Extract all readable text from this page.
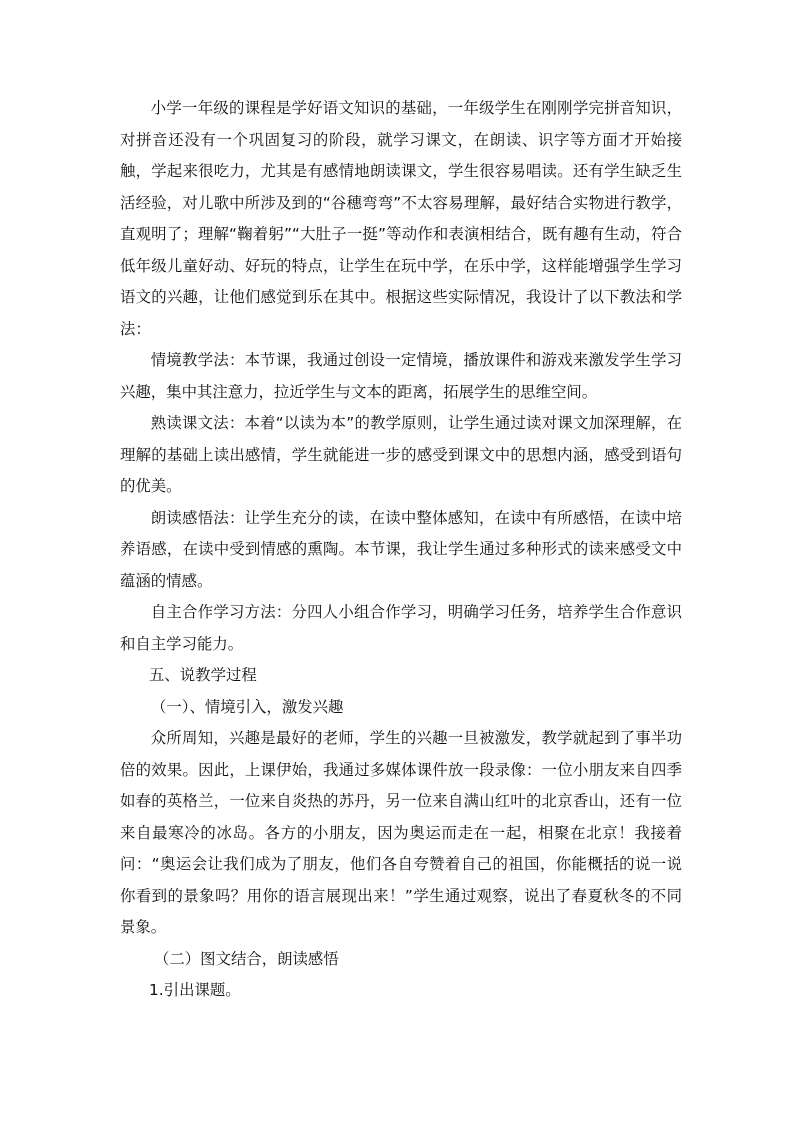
小学一年级的课程是学好语文知识的基础，一年级学生在刚刚学完拼音知识，对拼音还没有一个巩固复习的阶段，就学习课文，在朗读、识字等方面才开始接触，学起来很吃力，尤其是有感情地朗读课文，学生很容易唱读。还有学生缺乏生活经验，对儿歌中所涉及到的“谷穗弯弯”不太容易理解，最好结合实物进行教学，直观明了；理解“鞠着躬”“大肚子一挺”等动作和表演相结合，既有趣有生动，符合低年级儿童好动、好玩的特点，让学生在玩中学，在乐中学，这样能增强学生学习语文的兴趣，让他们感觉到乐在其中。根据这些实际情况，我设计了以下教法和学法：

情境教学法：本节课，我通过创设一定情境，播放课件和游戏来激发学生学习兴趣，集中其注意力，拉近学生与文本的距离，拓展学生的思维空间。

熟读课文法：本着“以读为本”的教学原则，让学生通过读对课文加深理解，在理解的基础上读出感情，学生就能进一步的感受到课文中的思想内涵，感受到语句的优美。

朗读感悟法：让学生充分的读，在读中整体感知，在读中有所感悟，在读中培养语感，在读中受到情感的熏陶。本节课，我让学生通过多种形式的读来感受文中蕴涵的情感。

自主合作学习方法：分四人小组合作学习，明确学习任务，培养学生合作意识和自主学习能力。

五、说教学过程

（一）、情境引入，激发兴趣

众所周知，兴趣是最好的老师，学生的兴趣一旦被激发，教学就起到了事半功倍的效果。因此，上课伊始，我通过多媒体课件放一段录像：一位小朋友来自四季如春的英格兰，一位来自炎热的苏丹，另一位来自满山红叶的北京香山，还有一位来自最寒冷的冰岛。各方的小朋友，因为奥运而走在一起，相聚在北京！我接着问：“奥运会让我们成为了朋友，他们各自夸赞着自己的祖国，你能概括的说一说你看到的景象吗？用你的语言展现出来！”学生通过观察，说出了春夏秋冬的不同景象。

（二）图文结合，朗读感悟

1.引出课题。
